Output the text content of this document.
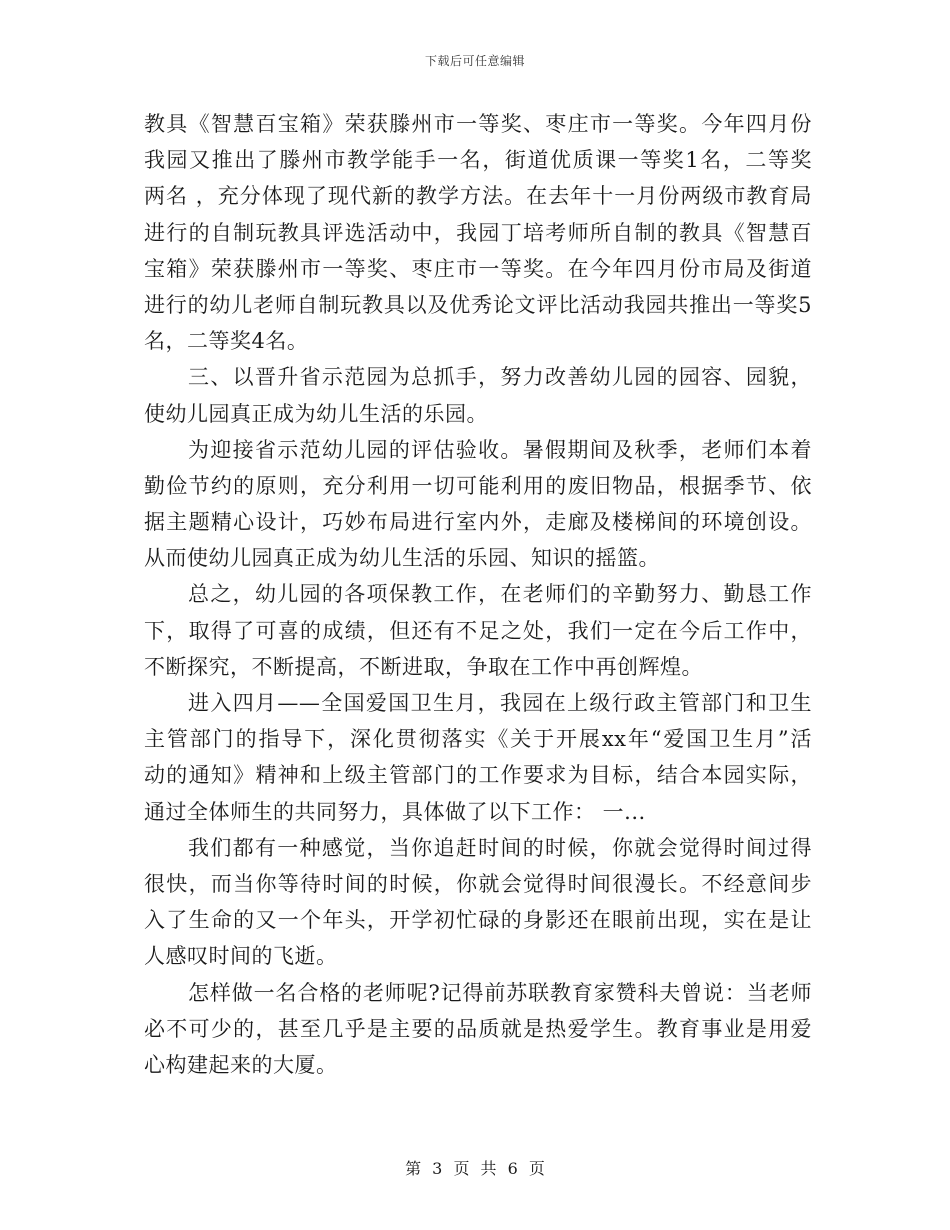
下载后可任意编辑
教具《智慧百宝箱》荣获滕州市一等奖、枣庄市一等奖。今年四月份
我园又推出了滕州市教学能手一名，街道优质课一等奖1名，二等奖
两名 ，充分体现了现代新的教学方法。在去年十一月份两级市教育局
进行的自制玩教具评选活动中，我园丁培考师所自制的教具《智慧百
宝箱》荣获滕州市一等奖、枣庄市一等奖。在今年四月份市局及街道
进行的幼儿老师自制玩教具以及优秀论文评比活动我园共推出一等奖5
名，二等奖4名。
三、以晋升省示范园为总抓手，努力改善幼儿园的园容、园貌，
使幼儿园真正成为幼儿生活的乐园。
为迎接省示范幼儿园的评估验收。暑假期间及秋季，老师们本着
勤俭节约的原则，充分利用一切可能利用的废旧物品，根据季节、依
据主题精心设计，巧妙布局进行室内外，走廊及楼梯间的环境创设。
从而使幼儿园真正成为幼儿生活的乐园、知识的摇篮。
总之，幼儿园的各项保教工作，在老师们的辛勤努力、勤恳工作
下，取得了可喜的成绩，但还有不足之处，我们一定在今后工作中，
不断探究，不断提高，不断进取，争取在工作中再创辉煌。
进入四月——全国爱国卫生月，我园在上级行政主管部门和卫生
主管部门的指导下，深化贯彻落实《关于开展xx年“爱国卫生月”活
动的通知》精神和上级主管部门的工作要求为目标，结合本园实际，
通过全体师生的共同努力，具体做了以下工作： 一...
我们都有一种感觉，当你追赶时间的时候，你就会觉得时间过得
很快，而当你等待时间的时候，你就会觉得时间很漫长。不经意间步
入了生命的又一个年头，开学初忙碌的身影还在眼前出现，实在是让
人感叹时间的飞逝。
怎样做一名合格的老师呢?记得前苏联教育家赞科夫曾说：当老师
必不可少的，甚至几乎是主要的品质就是热爱学生。教育事业是用爱
心构建起来的大厦。
第 3 页 共 6 页
